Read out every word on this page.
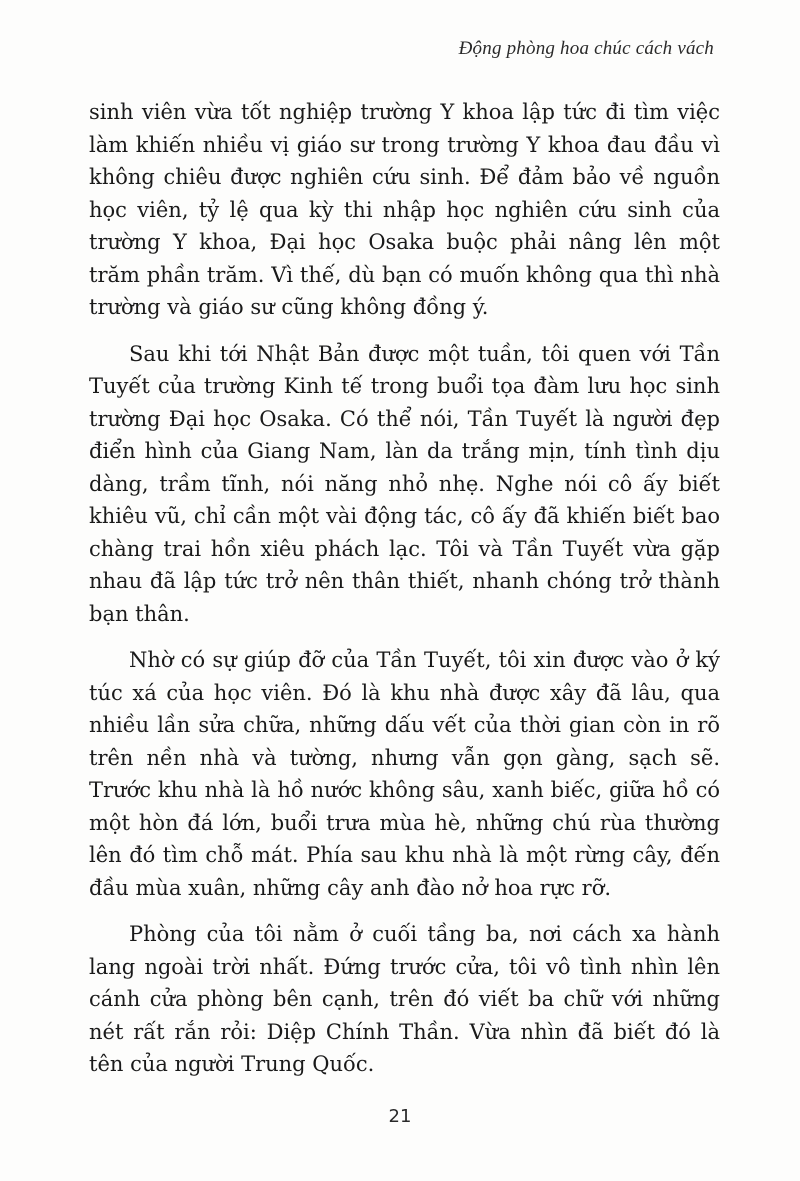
Động phòng hoa chúc cách vách

sinh viên vừa tốt nghiệp trường Y khoa lập tức đi tìm việc làm khiến nhiều vị giáo sư trong trường Y khoa đau đầu vì không chiêu được nghiên cứu sinh. Để đảm bảo về nguồn học viên, tỷ lệ qua kỳ thi nhập học nghiên cứu sinh của trường Y khoa, Đại học Osaka buộc phải nâng lên một trăm phần trăm. Vì thế, dù bạn có muốn không qua thì nhà trường và giáo sư cũng không đồng ý.

Sau khi tới Nhật Bản được một tuần, tôi quen với Tần Tuyết của trường Kinh tế trong buổi tọa đàm lưu học sinh trường Đại học Osaka. Có thể nói, Tần Tuyết là người đẹp điển hình của Giang Nam, làn da trắng mịn, tính tình dịu dàng, trầm tĩnh, nói năng nhỏ nhẹ. Nghe nói cô ấy biết khiêu vũ, chỉ cần một vài động tác, cô ấy đã khiến biết bao chàng trai hồn xiêu phách lạc. Tôi và Tần Tuyết vừa gặp nhau đã lập tức trở nên thân thiết, nhanh chóng trở thành bạn thân.

Nhờ có sự giúp đỡ của Tần Tuyết, tôi xin được vào ở ký túc xá của học viên. Đó là khu nhà được xây đã lâu, qua nhiều lần sửa chữa, những dấu vết của thời gian còn in rõ trên nền nhà và tường, nhưng vẫn gọn gàng, sạch sẽ. Trước khu nhà là hồ nước không sâu, xanh biếc, giữa hồ có một hòn đá lớn, buổi trưa mùa hè, những chú rùa thường lên đó tìm chỗ mát. Phía sau khu nhà là một rừng cây, đến đầu mùa xuân, những cây anh đào nở hoa rực rỡ.

Phòng của tôi nằm ở cuối tầng ba, nơi cách xa hành lang ngoài trời nhất. Đứng trước cửa, tôi vô tình nhìn lên cánh cửa phòng bên cạnh, trên đó viết ba chữ với những nét rất rắn rỏi: Diệp Chính Thần. Vừa nhìn đã biết đó là tên của người Trung Quốc.

21
